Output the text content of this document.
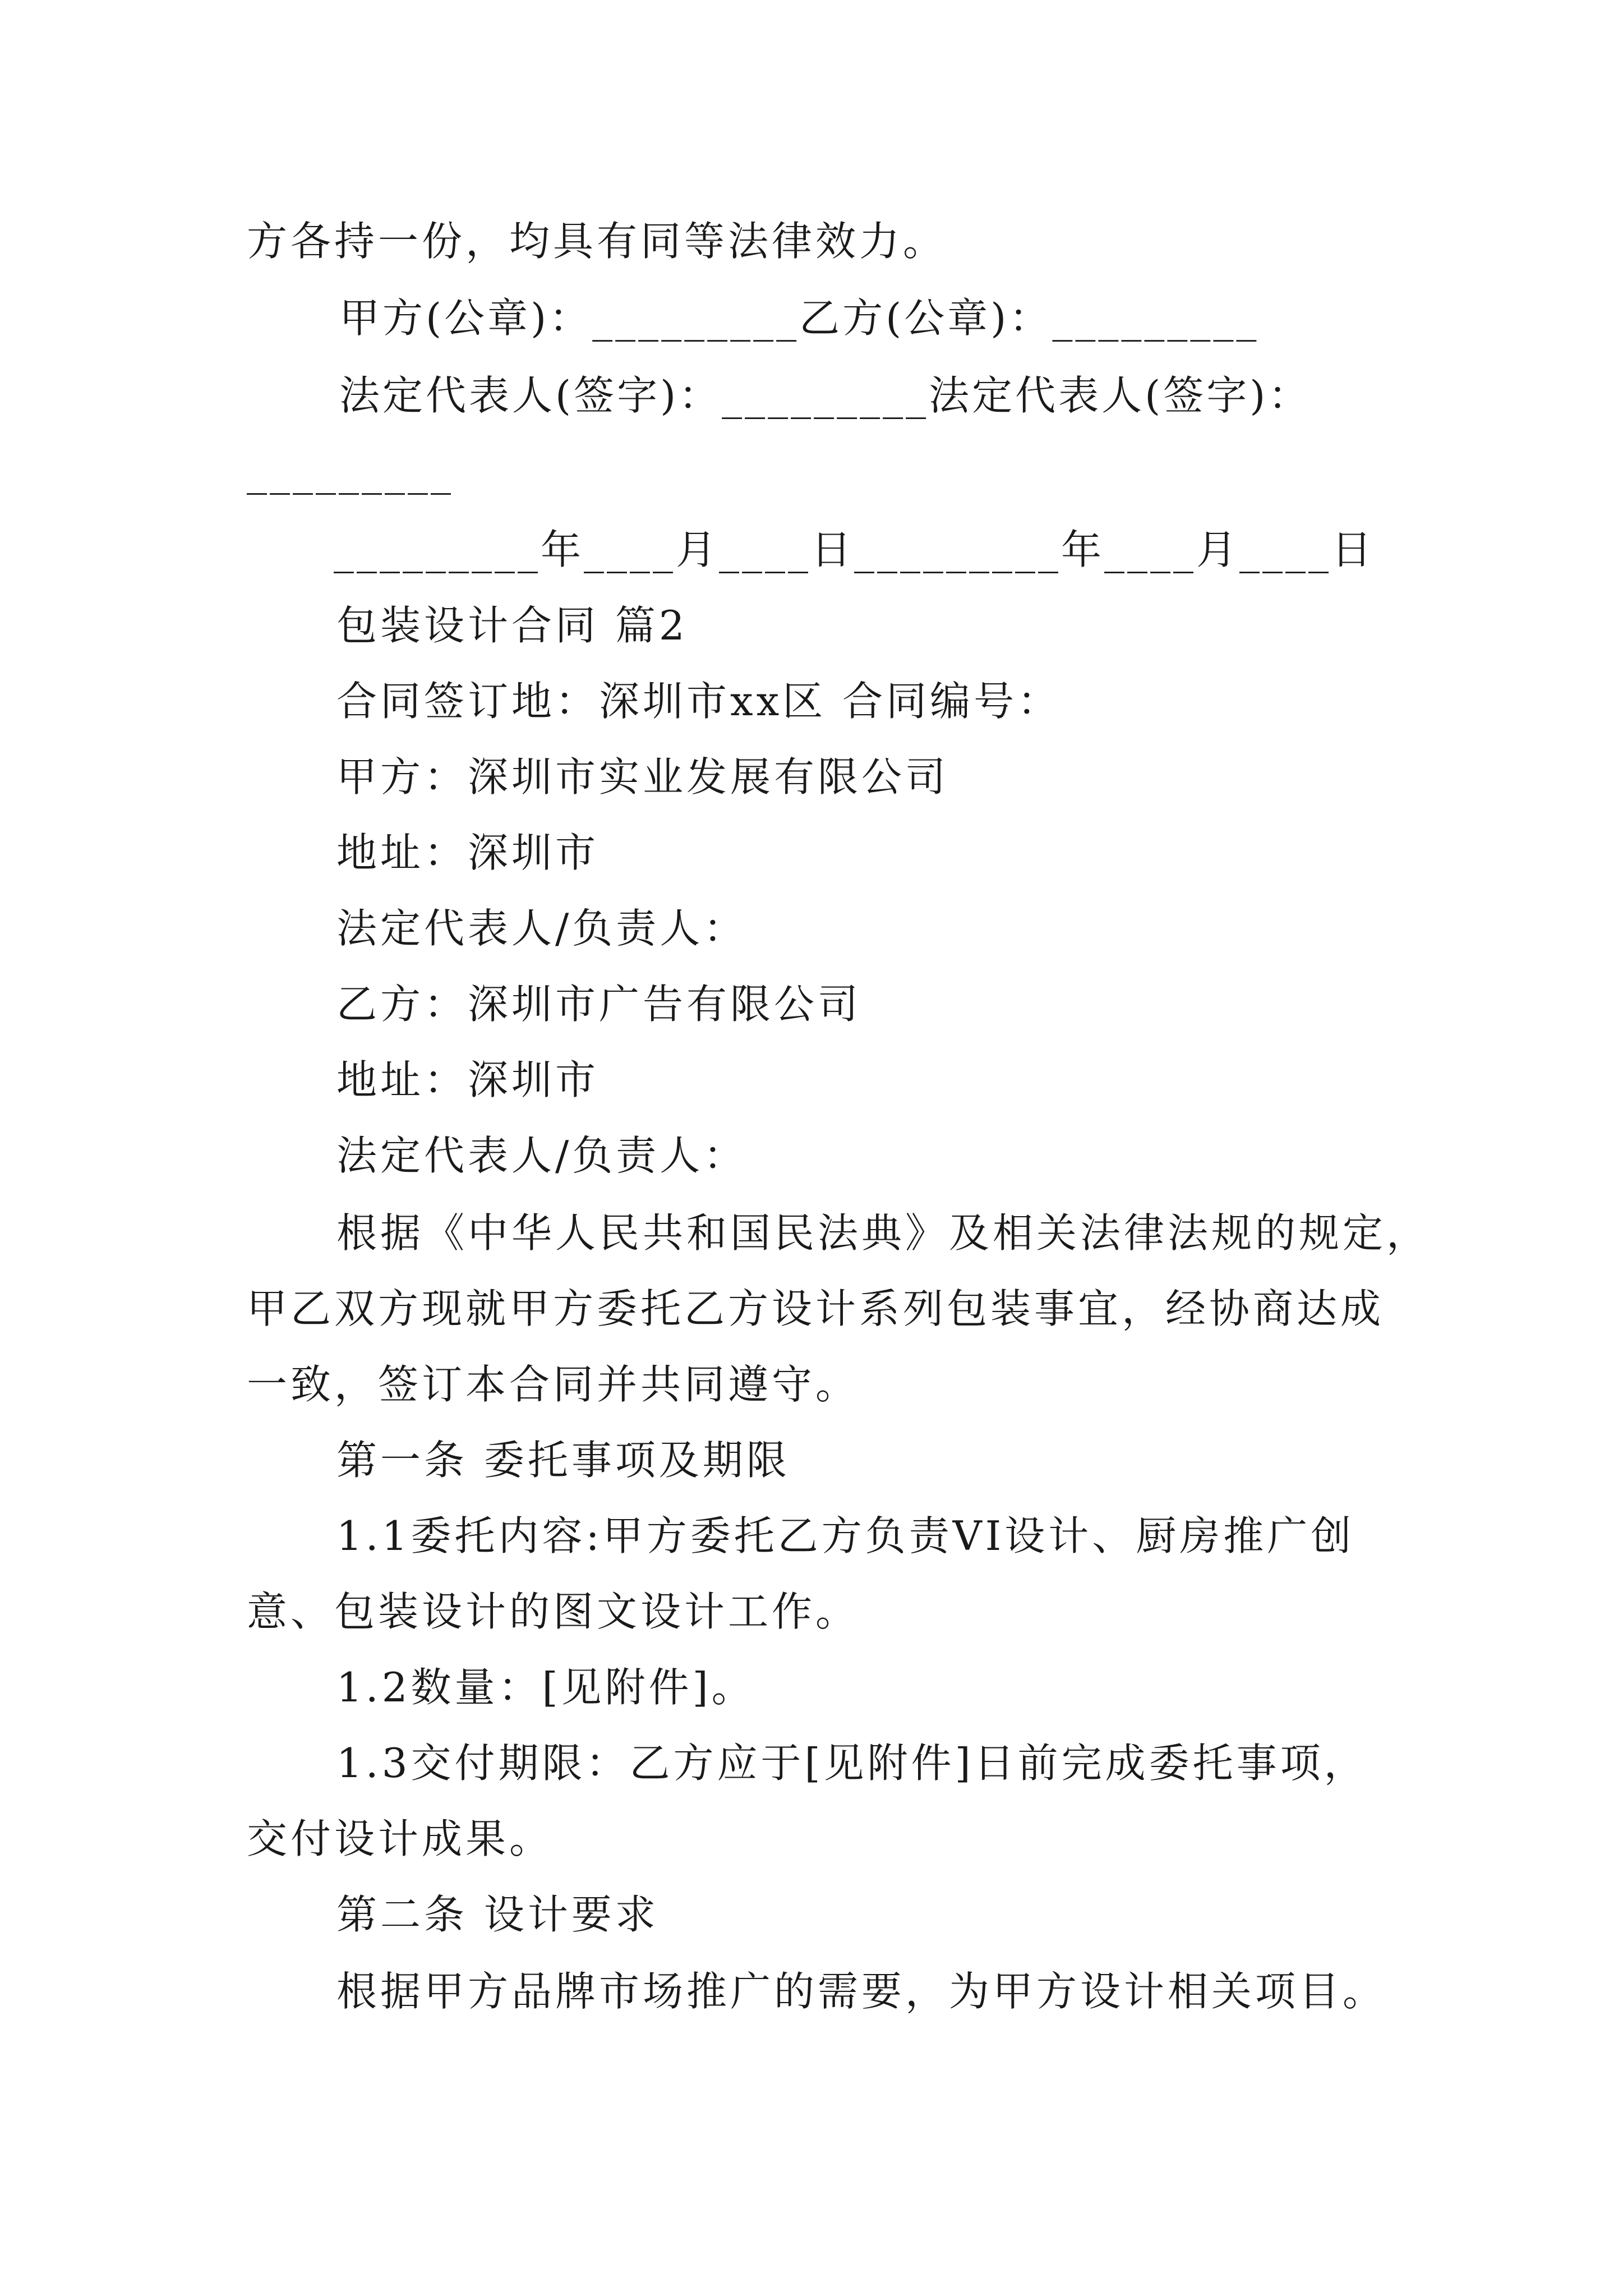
方各持一份，均具有同等法律效力。
甲方(公章)：_________乙方(公章)：_________
法定代表人(签字)：_________法定代表人(签字)：
_________
_________年____月____日_________年____月____日
包装设计合同 篇2
合同签订地：深圳市xx区 合同编号：
甲方：深圳市实业发展有限公司
地址：深圳市
法定代表人/负责人：
乙方：深圳市广告有限公司
地址：深圳市
法定代表人/负责人：
根据《中华人民共和国民法典》及相关法律法规的规定，
甲乙双方现就甲方委托乙方设计系列包装事宜，经协商达成
一致，签订本合同并共同遵守。
第一条 委托事项及期限
1.1委托内容:甲方委托乙方负责VI设计、厨房推广创
意、包装设计的图文设计工作。
1.2数量：[见附件]。
1.3交付期限：乙方应于[见附件]日前完成委托事项，
交付设计成果。
第二条 设计要求
根据甲方品牌市场推广的需要，为甲方设计相关项目。
